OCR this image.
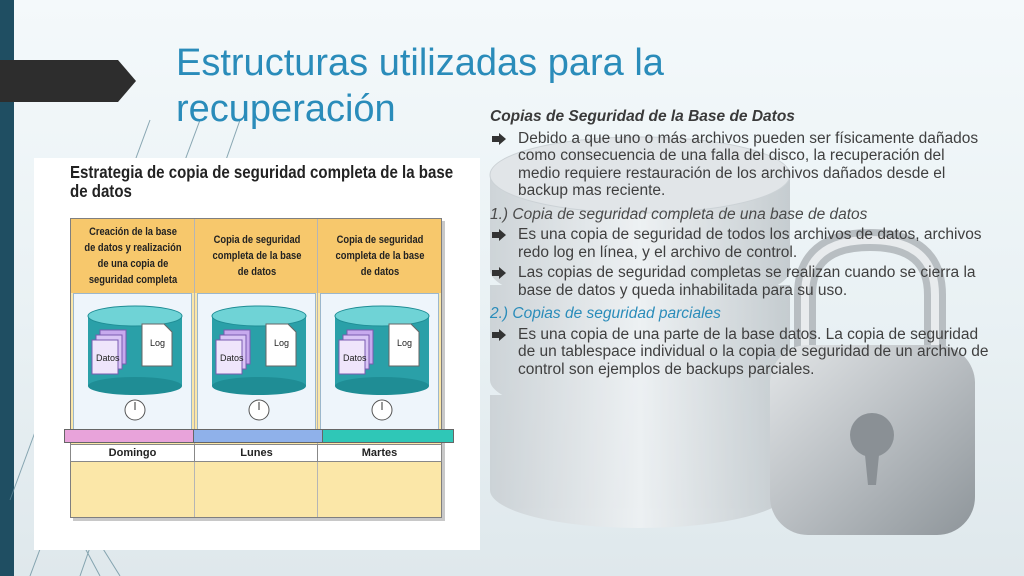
Estructuras utilizadas para la recuperación
Estrategia de copia de seguridad completa de la base
de datos
Creación de la base de datos y realización de una copia de seguridad completa
Datos
Log
Copia de seguridad completa de la base de datos
Datos
Log
Copia de seguridad completa de la base de datos
Datos
Log
Domingo	Lunes	Martes

Copias de Seguridad de la Base de Datos

Debido a que uno o más archivos pueden ser físicamente dañados como consecuencia de una falla del disco, la recuperación del medio requiere restauración de los archivos dañados desde el backup mas reciente.

1.) Copia de seguridad completa de una base de datos

Es una copia de seguridad de todos los archivos de datos, archivos redo log en línea, y el archivo de control.

Las copias de seguridad completas se realizan cuando se cierra la base de datos y queda inhabilitada para su uso.

2.) Copias de seguridad parciales

Es una copia de una parte de la base datos. La copia de seguridad de un tablespace individual o la copia de seguridad de un archivo de control son ejemplos de backups parciales.
